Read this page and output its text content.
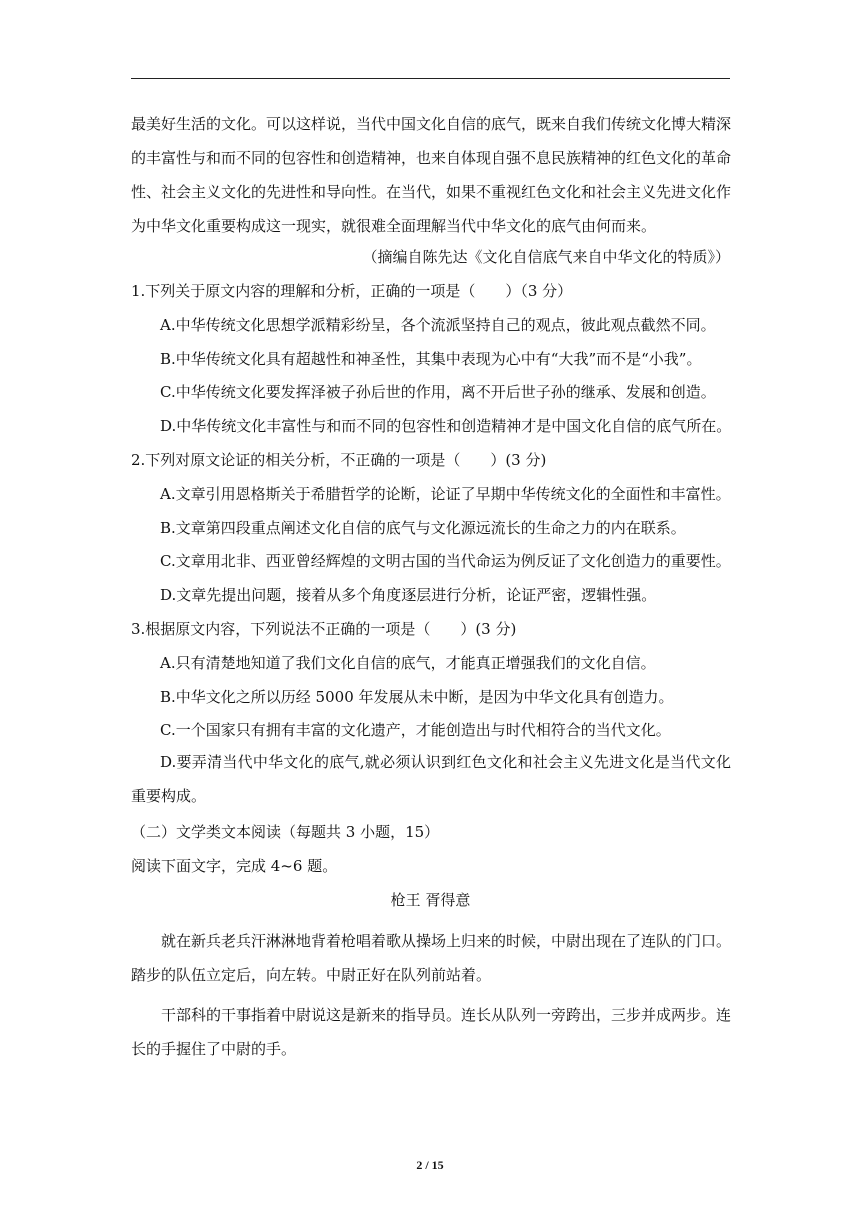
最美好生活的文化。可以这样说，当代中国文化自信的底气，既来自我们传统文化博大精深的丰富性与和而不同的包容性和创造精神，也来自体现自强不息民族精神的红色文化的革命性、社会主义文化的先进性和导向性。在当代，如果不重视红色文化和社会主义先进文化作为中华文化重要构成这一现实，就很难全面理解当代中华文化的底气由何而来。
（摘编自陈先达《文化自信底气来自中华文化的特质》）
1.下列关于原文内容的理解和分析，正确的一项是（　　）（3 分）
A.中华传统文化思想学派精彩纷呈，各个流派坚持自己的观点，彼此观点截然不同。
B.中华传统文化具有超越性和神圣性，其集中表现为心中有“大我”而不是“小我”。
C.中华传统文化要发挥泽被子孙后世的作用，离不开后世子孙的继承、发展和创造。
D.中华传统文化丰富性与和而不同的包容性和创造精神才是中国文化自信的底气所在。
2.下列对原文论证的相关分析，不正确的一项是（　　）(3 分)
A.文章引用恩格斯关于希腊哲学的论断，论证了早期中华传统文化的全面性和丰富性。
B.文章第四段重点阐述文化自信的底气与文化源远流长的生命之力的内在联系。
C.文章用北非、西亚曾经辉煌的文明古国的当代命运为例反证了文化创造力的重要性。
D.文章先提出问题，接着从多个角度逐层进行分析，论证严密，逻辑性强。
3.根据原文内容，下列说法不正确的一项是（　　）(3 分)
A.只有清楚地知道了我们文化自信的底气，才能真正增强我们的文化自信。
B.中华文化之所以历经 5000 年发展从未中断，是因为中华文化具有创造力。
C.一个国家只有拥有丰富的文化遗产，才能创造出与时代相符合的当代文化。
D.要弄清当代中华文化的底气,就必须认识到红色文化和社会主义先进文化是当代文化重要构成。
（二）文学类文本阅读（每题共 3 小题，15）
阅读下面文字，完成 4~6 题。
枪王 胥得意
就在新兵老兵汗淋淋地背着枪唱着歌从操场上归来的时候，中尉出现在了连队的门口。踏步的队伍立定后，向左转。中尉正好在队列前站着。
干部科的干事指着中尉说这是新来的指导员。连长从队列一旁跨出，三步并成两步。连长的手握住了中尉的手。
2 / 15
